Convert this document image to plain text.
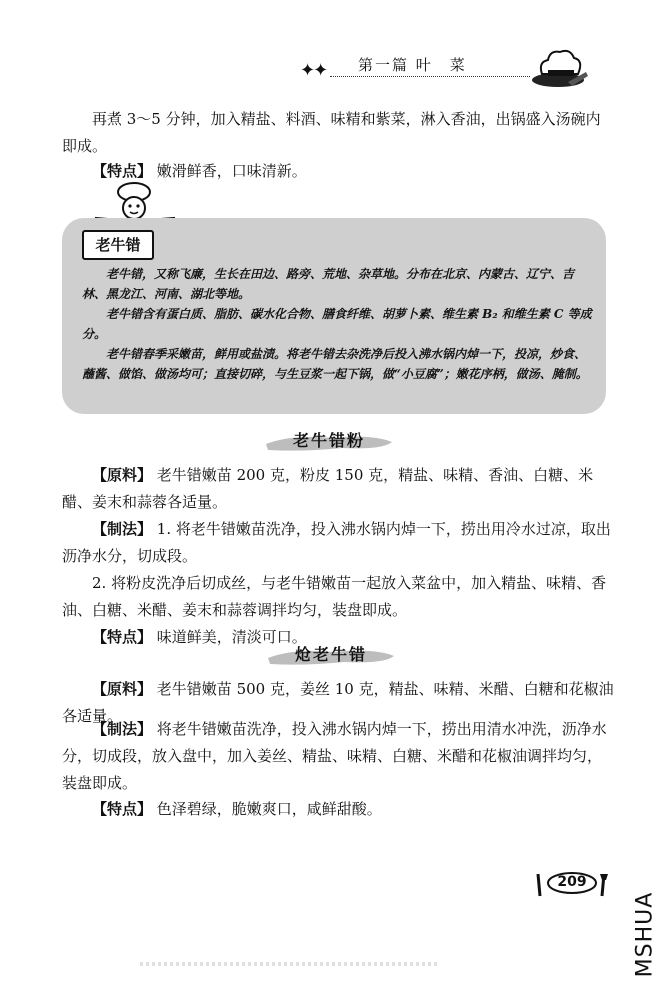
✦✦ 第一篇 叶　菜

再煮 3～5 分钟，加入精盐、料酒、味精和紫菜，淋入香油，出锅盛入汤碗内即成。

【特点】 嫩滑鲜香，口味清新。

老牛错

老牛错，又称飞廉，生长在田边、路旁、荒地、杂草地。分布在北京、内蒙古、辽宁、吉林、黑龙江、河南、湖北等地。

老牛错含有蛋白质、脂肪、碳水化合物、膳食纤维、胡萝卜素、维生素 B₂ 和维生素 C 等成分。

老牛错春季采嫩苗，鲜用或盐渍。将老牛错去杂洗净后投入沸水锅内焯一下，投凉，炒食、蘸酱、做馅、做汤均可；直接切碎，与生豆浆一起下锅，做“小豆腐”；嫩花序柄，做汤、腌制。

老牛错粉

【原料】 老牛错嫩苗 200 克，粉皮 150 克，精盐、味精、香油、白糖、米醋、姜末和蒜蓉各适量。

【制法】 1. 将老牛错嫩苗洗净，投入沸水锅内焯一下，捞出用冷水过凉，取出沥净水分，切成段。

2. 将粉皮洗净后切成丝，与老牛错嫩苗一起放入菜盆中，加入精盐、味精、香油、白糖、米醋、姜末和蒜蓉调拌均匀，装盘即成。

【特点】 味道鲜美，清淡可口。

炝老牛错

【原料】 老牛错嫩苗 500 克，姜丝 10 克，精盐、味精、米醋、白糖和花椒油各适量。

【制法】 将老牛错嫩苗洗净，投入沸水锅内焯一下，捞出用清水冲洗，沥净水分，切成段，放入盘中，加入姜丝、精盐、味精、白糖、米醋和花椒油调拌均匀，装盘即成。

【特点】 色泽碧绿，脆嫩爽口，咸鲜甜酸。

209
MSHUA
